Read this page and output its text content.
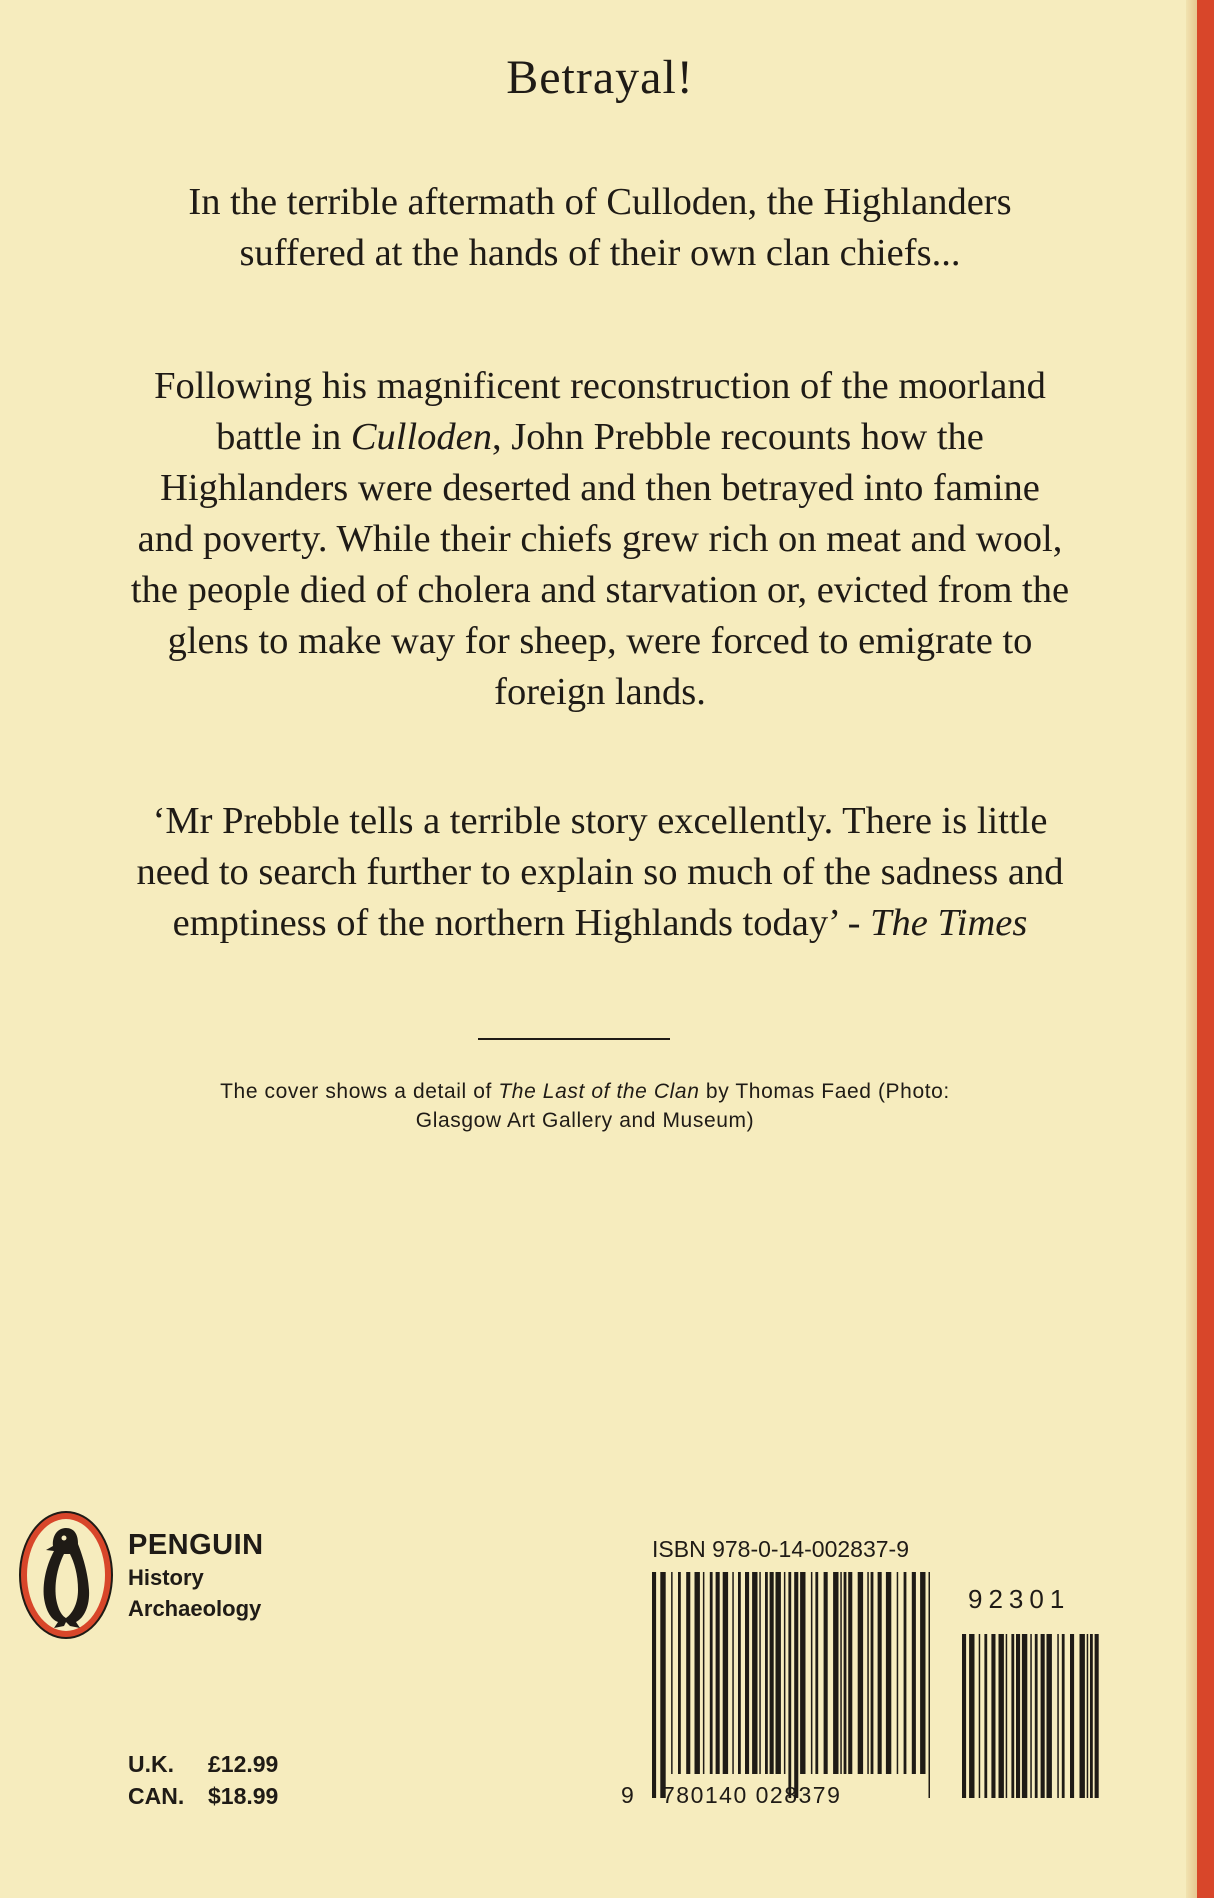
Betrayal!

In the terrible aftermath of Culloden, the Highlanders suffered at the hands of their own clan chiefs...

Following his magnificent reconstruction of the moorland battle in Culloden, John Prebble recounts how the Highlanders were deserted and then betrayed into famine and poverty. While their chiefs grew rich on meat and wool, the people died of cholera and starvation or, evicted from the glens to make way for sheep, were forced to emigrate to foreign lands.

‘Mr Prebble tells a terrible story excellently. There is little need to search further to explain so much of the sadness and emptiness of the northern Highlands today’ - The Times

The cover shows a detail of The Last of the Clan by Thomas Faed (Photo: Glasgow Art Gallery and Museum)

PENGUIN
History
Archaeology
U.K. £12.99
CAN. $18.99
ISBN 978-0-14-002837-9
9 780140 028379
92301
